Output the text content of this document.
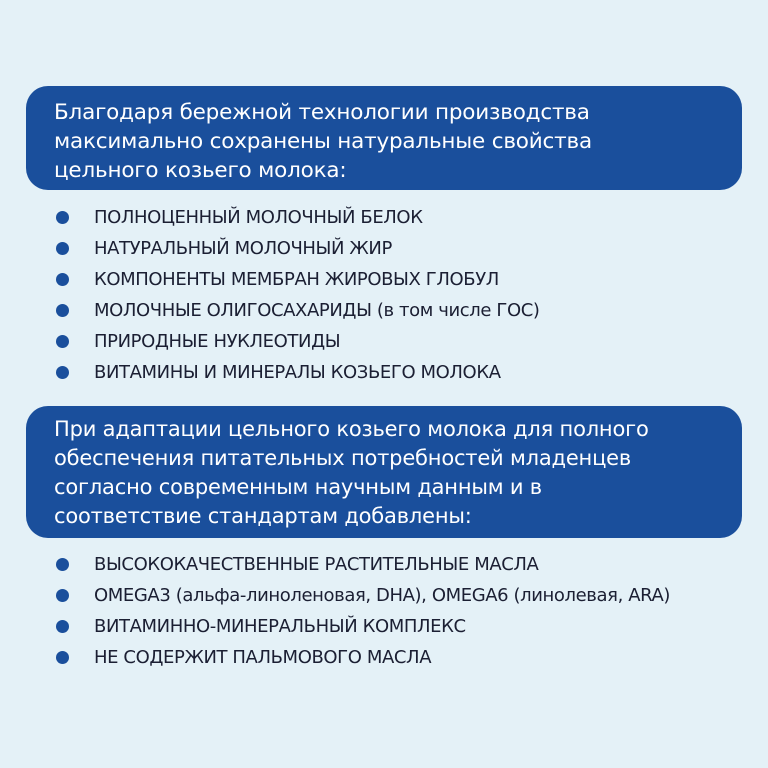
Благодаря бережной технологии производства
максимально сохранены натуральные свойства
цельного козьего молока:
ПОЛНОЦЕННЫЙ МОЛОЧНЫЙ БЕЛОК
НАТУРАЛЬНЫЙ МОЛОЧНЫЙ ЖИР
КОМПОНЕНТЫ МЕМБРАН ЖИРОВЫХ ГЛОБУЛ
МОЛОЧНЫЕ ОЛИГОСАХАРИДЫ (в том числе ГОС)
ПРИРОДНЫЕ НУКЛЕОТИДЫ
ВИТАМИНЫ И МИНЕРАЛЫ КОЗЬЕГО МОЛОКА
При адаптации цельного козьего молока для полного
обеспечения питательных потребностей младенцев
согласно современным научным данным и в
соответствие стандартам добавлены:
ВЫСОКОКАЧЕСТВЕННЫЕ РАСТИТЕЛЬНЫЕ МАСЛА
OMEGA3 (альфа-линоленовая, DHA), OMEGA6 (линолевая, ARA)
ВИТАМИННО-МИНЕРАЛЬНЫЙ КОМПЛЕКС
НЕ СОДЕРЖИТ ПАЛЬМОВОГО МАСЛА
